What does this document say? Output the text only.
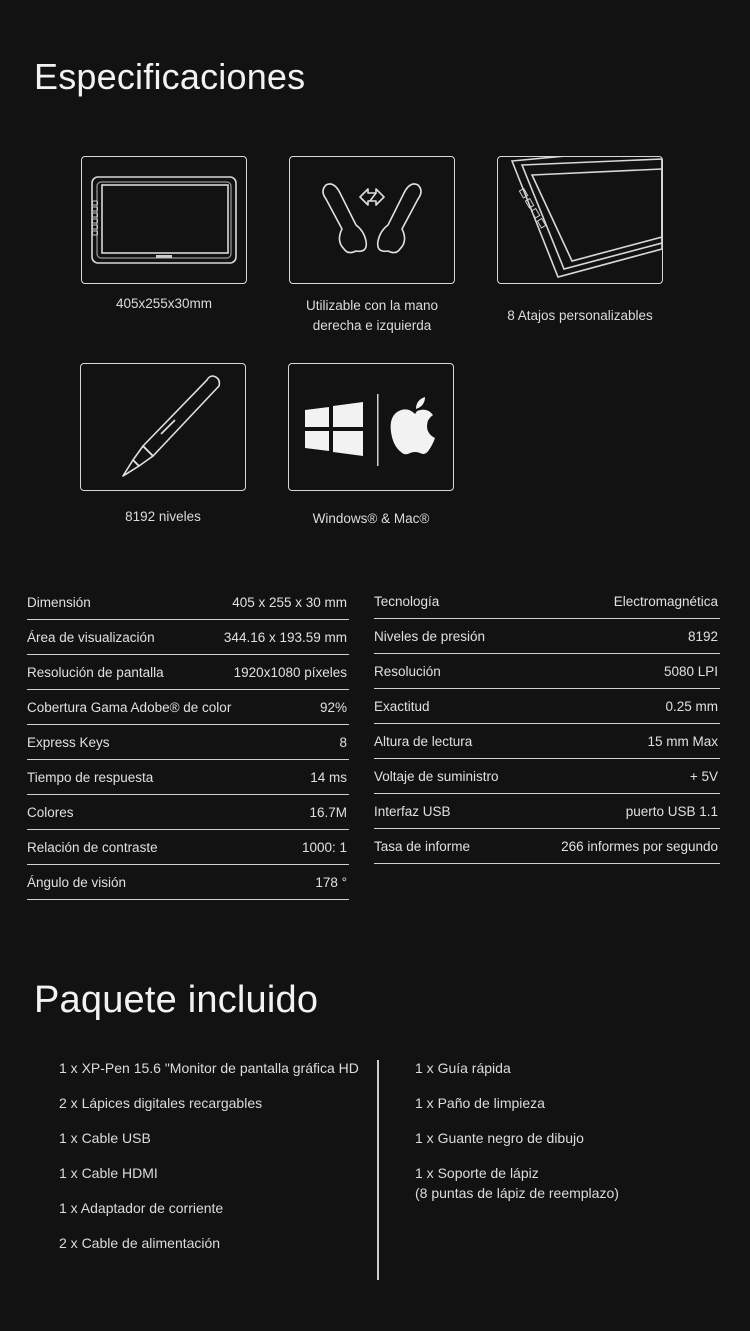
Especificaciones
405x255x30mm	Utilizable con la mano derecha e izquierda
8 Atajos personalizables
8192 niveles	Windows® & Mac®
Dimensión	405 x 255 x 30 mm
Área de visualización	344.16 x 193.59 mm
Resolución de pantalla	1920x1080 píxeles
Cobertura Gama Adobe® de color	92%
Express Keys	8
Tiempo de respuesta	14 ms
Colores	16.7M
Relación de contraste	1000: 1
Ángulo de visión	178 °
Tecnología	Electromagnética
Niveles de presión	8192
Resolución	5080 LPI
Exactitud	0.25 mm
Altura de lectura	15 mm Max
Voltaje de suministro	+ 5V
Interfaz USB	puerto USB 1.1
Tasa de informe	266 informes por segundo
Paquete incluido
1 x XP-Pen 15.6 "Monitor de pantalla gráfica HD
2 x Lápices digitales recargables
1 x Cable USB
1 x Cable HDMI
1 x Adaptador de corriente
2 x Cable de alimentación
1 x Guía rápida
1 x Paño de limpieza
1 x Guante negro de dibujo
1 x Soporte de lápiz
(8 puntas de lápiz de reemplazo)
